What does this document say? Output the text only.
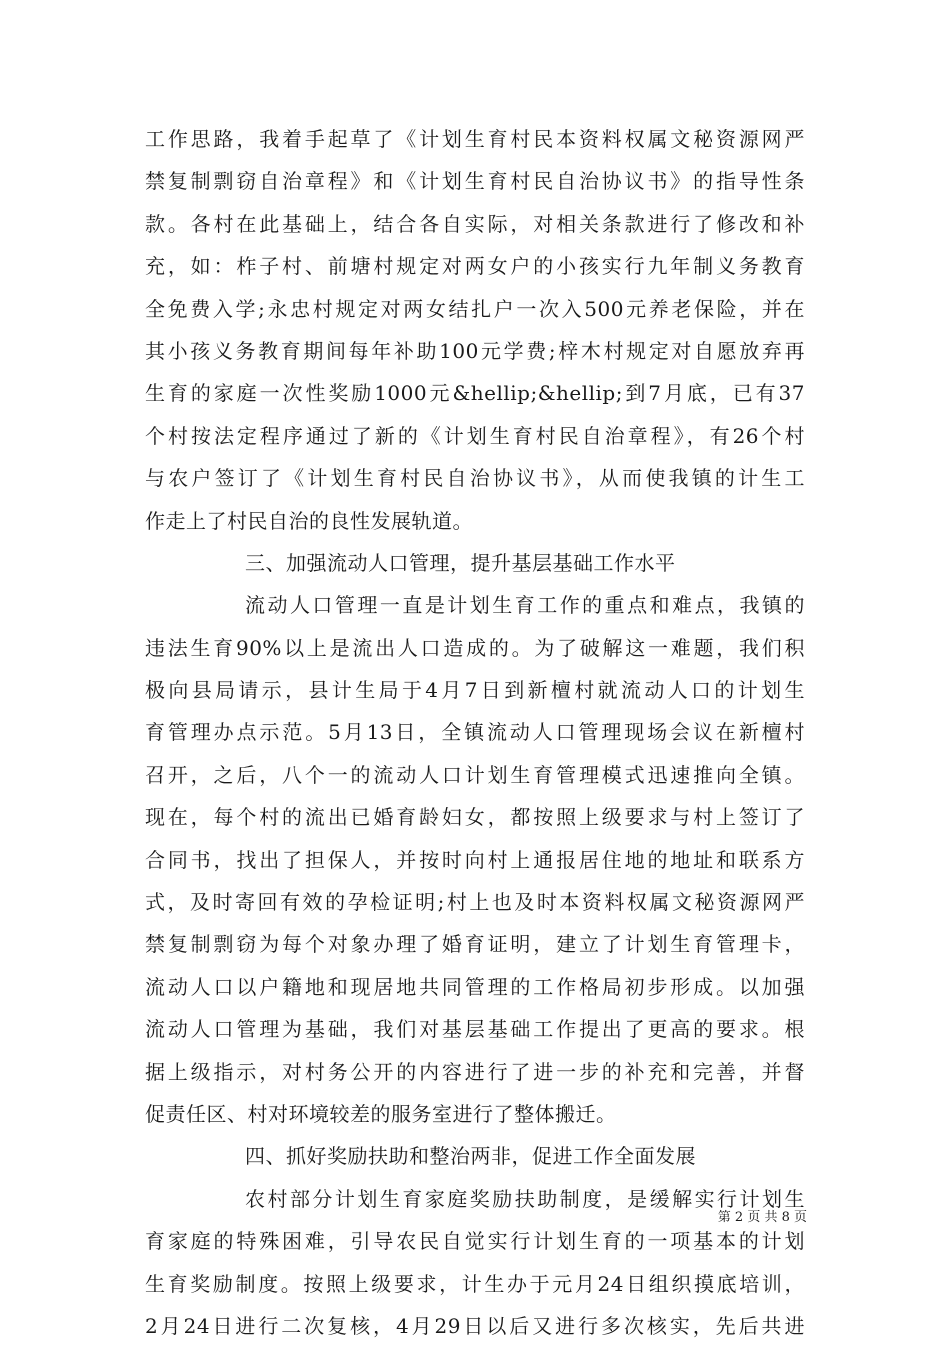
工作思路，我着手起草了《计划生育村民本资料权属文秘资源网严
禁复制剽窃自治章程》和《计划生育村民自治协议书》的指导性条
款。各村在此基础上，结合各自实际，对相关条款进行了修改和补
充，如：柞子村、前塘村规定对两女户的小孩实行九年制义务教育
全免费入学;永忠村规定对两女结扎户一次入500元养老保险，并在
其小孩义务教育期间每年补助100元学费;梓木村规定对自愿放弃再
生育的家庭一次性奖励1000元&hellip;&hellip;到7月底，已有37
个村按法定程序通过了新的《计划生育村民自治章程》，有26个村
与农户签订了《计划生育村民自治协议书》，从而使我镇的计生工
作走上了村民自治的良性发展轨道。
三、加强流动人口管理，提升基层基础工作水平
流动人口管理一直是计划生育工作的重点和难点，我镇的
违法生育90%以上是流出人口造成的。为了破解这一难题，我们积
极向县局请示，县计生局于4月7日到新檀村就流动人口的计划生
育管理办点示范。5月13日，全镇流动人口管理现场会议在新檀村
召开，之后，八个一的流动人口计划生育管理模式迅速推向全镇。
现在，每个村的流出已婚育龄妇女，都按照上级要求与村上签订了
合同书，找出了担保人，并按时向村上通报居住地的地址和联系方
式，及时寄回有效的孕检证明;村上也及时本资料权属文秘资源网严
禁复制剽窃为每个对象办理了婚育证明，建立了计划生育管理卡，
流动人口以户籍地和现居地共同管理的工作格局初步形成。以加强
流动人口管理为基础，我们对基层基础工作提出了更高的要求。根
据上级指示，对村务公开的内容进行了进一步的补充和完善，并督
促责任区、村对环境较差的服务室进行了整体搬迁。
四、抓好奖励扶助和整治两非，促进工作全面发展
农村部分计划生育家庭奖励扶助制度，是缓解实行计划生
育家庭的特殊困难，引导农民自觉实行计划生育的一项基本的计划
生育奖励制度。按照上级要求，计生办于元月24日组织摸底培训，
2月24日进行二次复核，4月29日以后又进行多次核实，先后共进
第 2 页 共 8 页
